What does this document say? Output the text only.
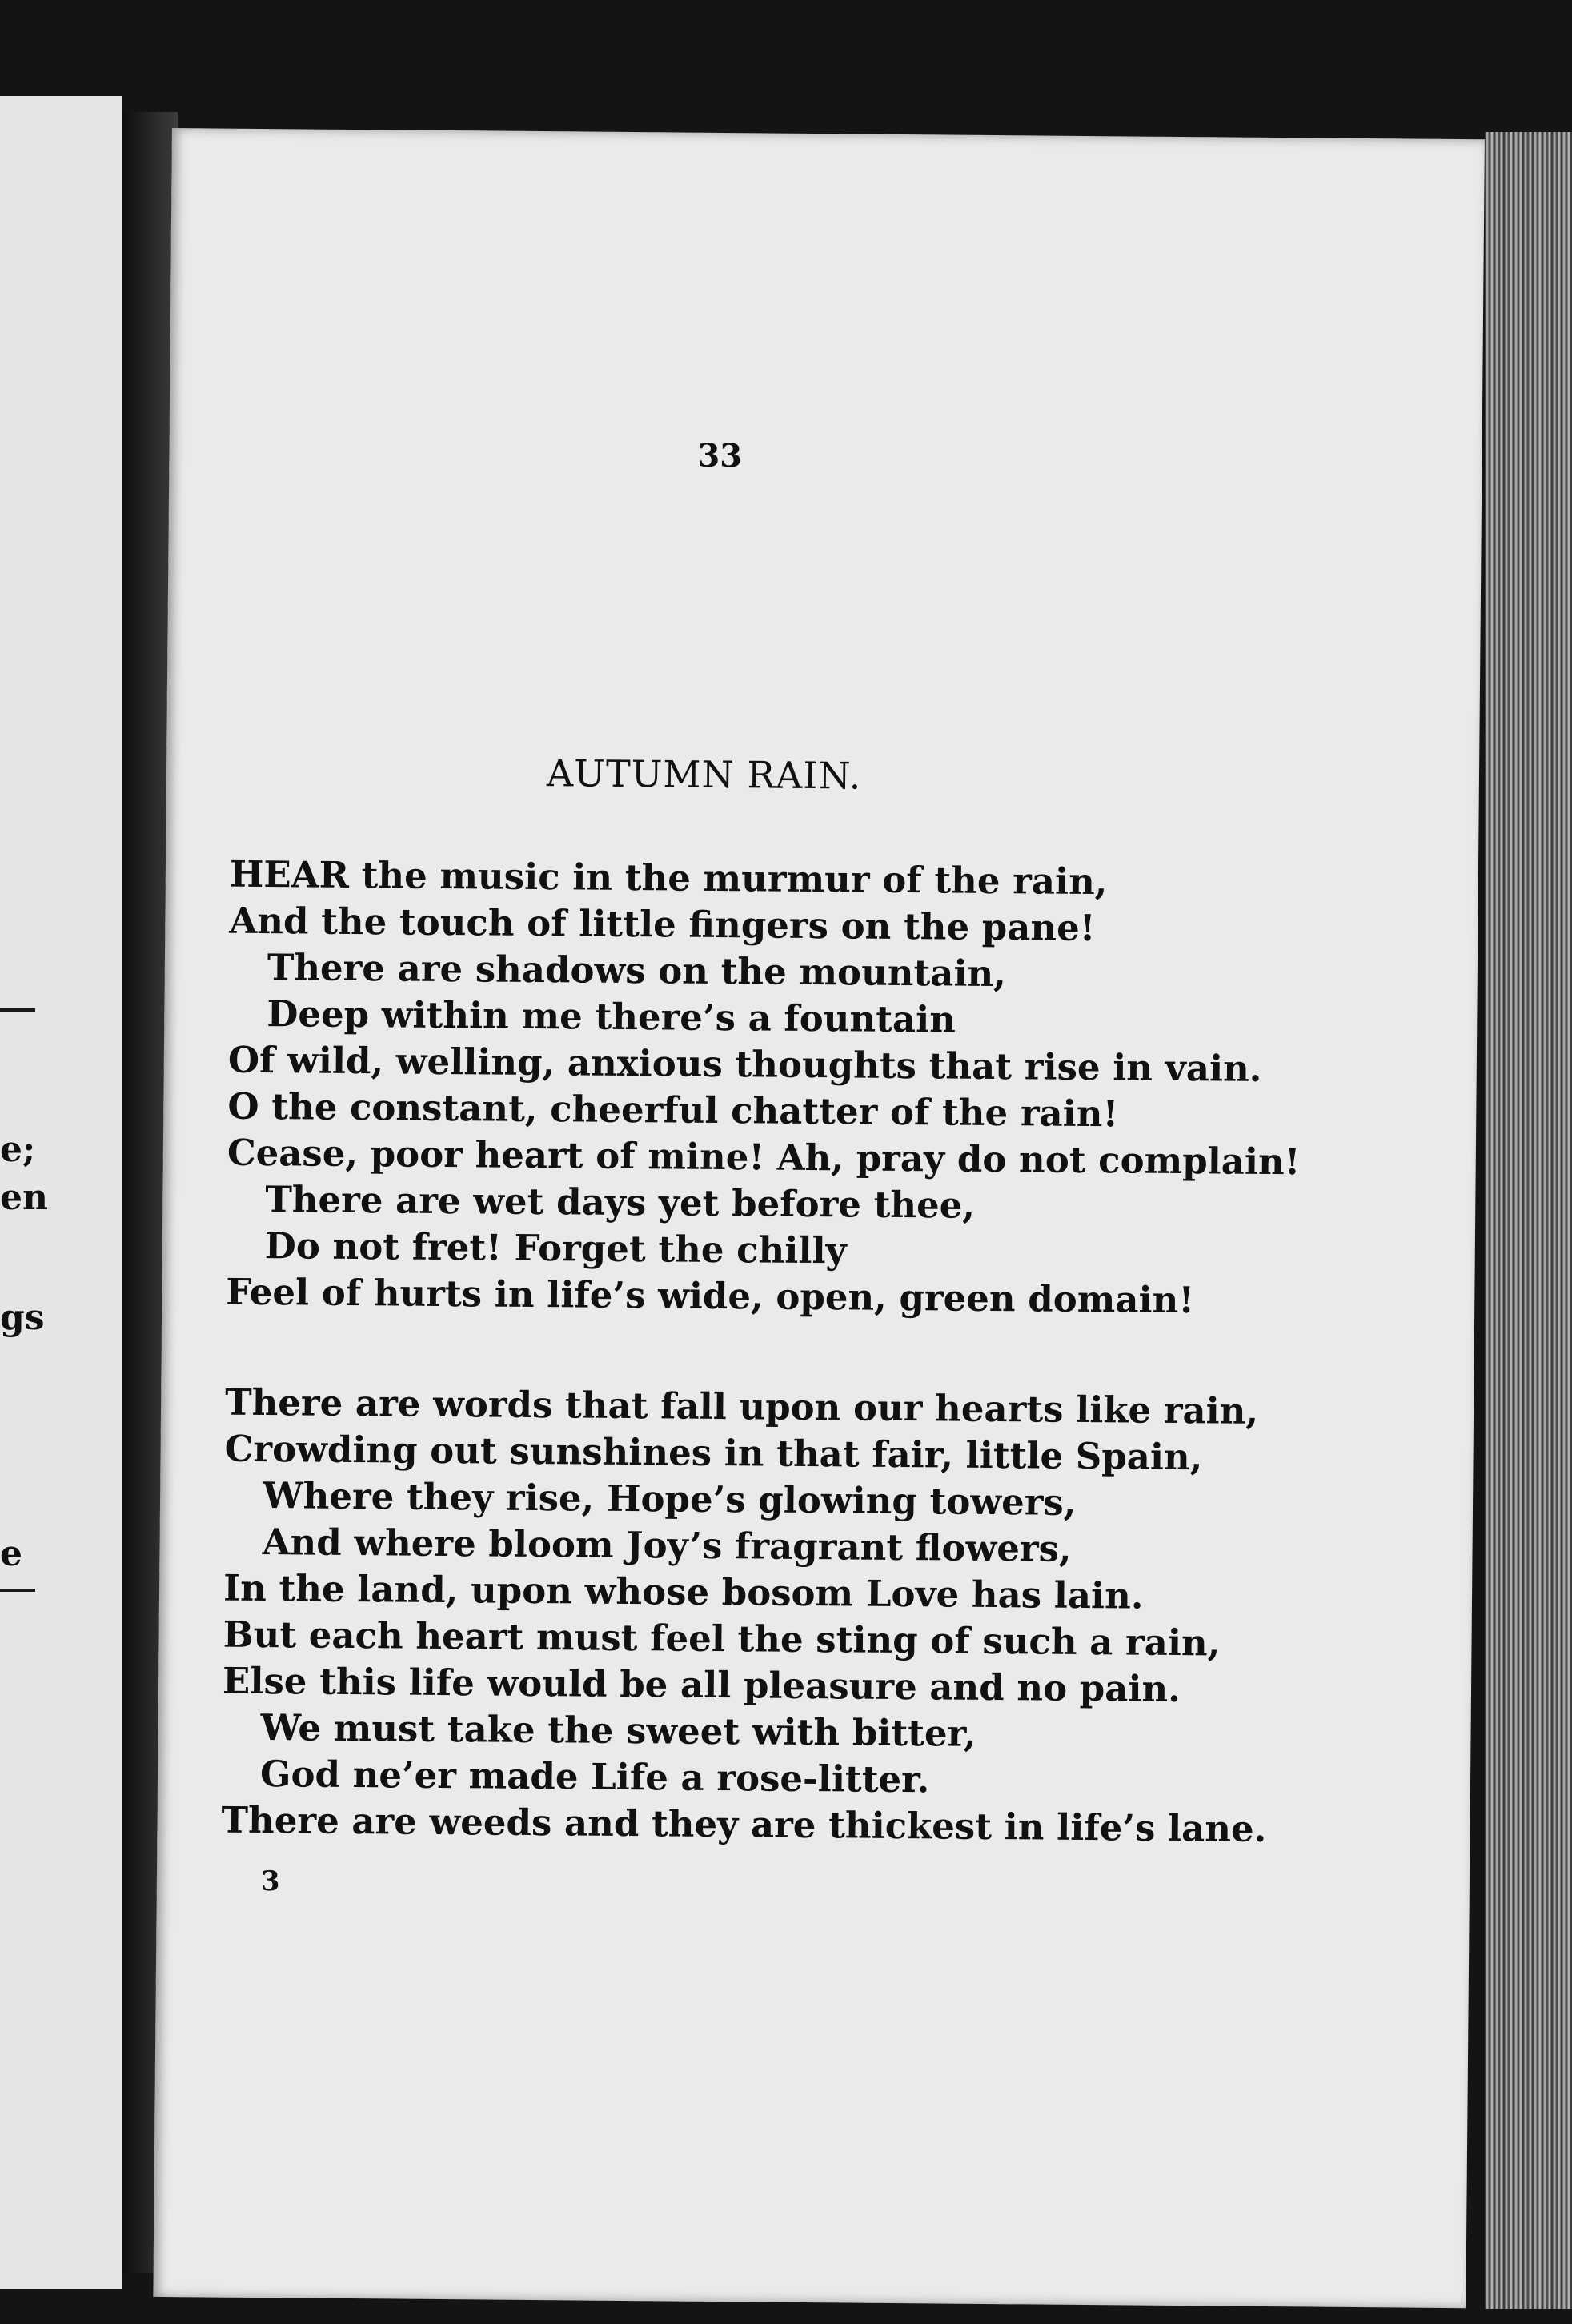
e;
en
gs
e
33
AUTUMN RAIN.
HEAR the music in the murmur of the rain,
And the touch of little fingers on the pane!
There are shadows on the mountain,
Deep within me there’s a fountain
Of wild, welling, anxious thoughts that rise in vain.
O the constant, cheerful chatter of the rain!
Cease, poor heart of mine! Ah, pray do not complain!
There are wet days yet before thee,
Do not fret! Forget the chilly
Feel of hurts in life’s wide, open, green domain!
There are words that fall upon our hearts like rain,
Crowding out sunshines in that fair, little Spain,
Where they rise, Hope’s glowing towers,
And where bloom Joy’s fragrant flowers,
In the land, upon whose bosom Love has lain.
But each heart must feel the sting of such a rain,
Else this life would be all pleasure and no pain.
We must take the sweet with bitter,
God ne’er made Life a rose-litter.
There are weeds and they are thickest in life’s lane.
3
